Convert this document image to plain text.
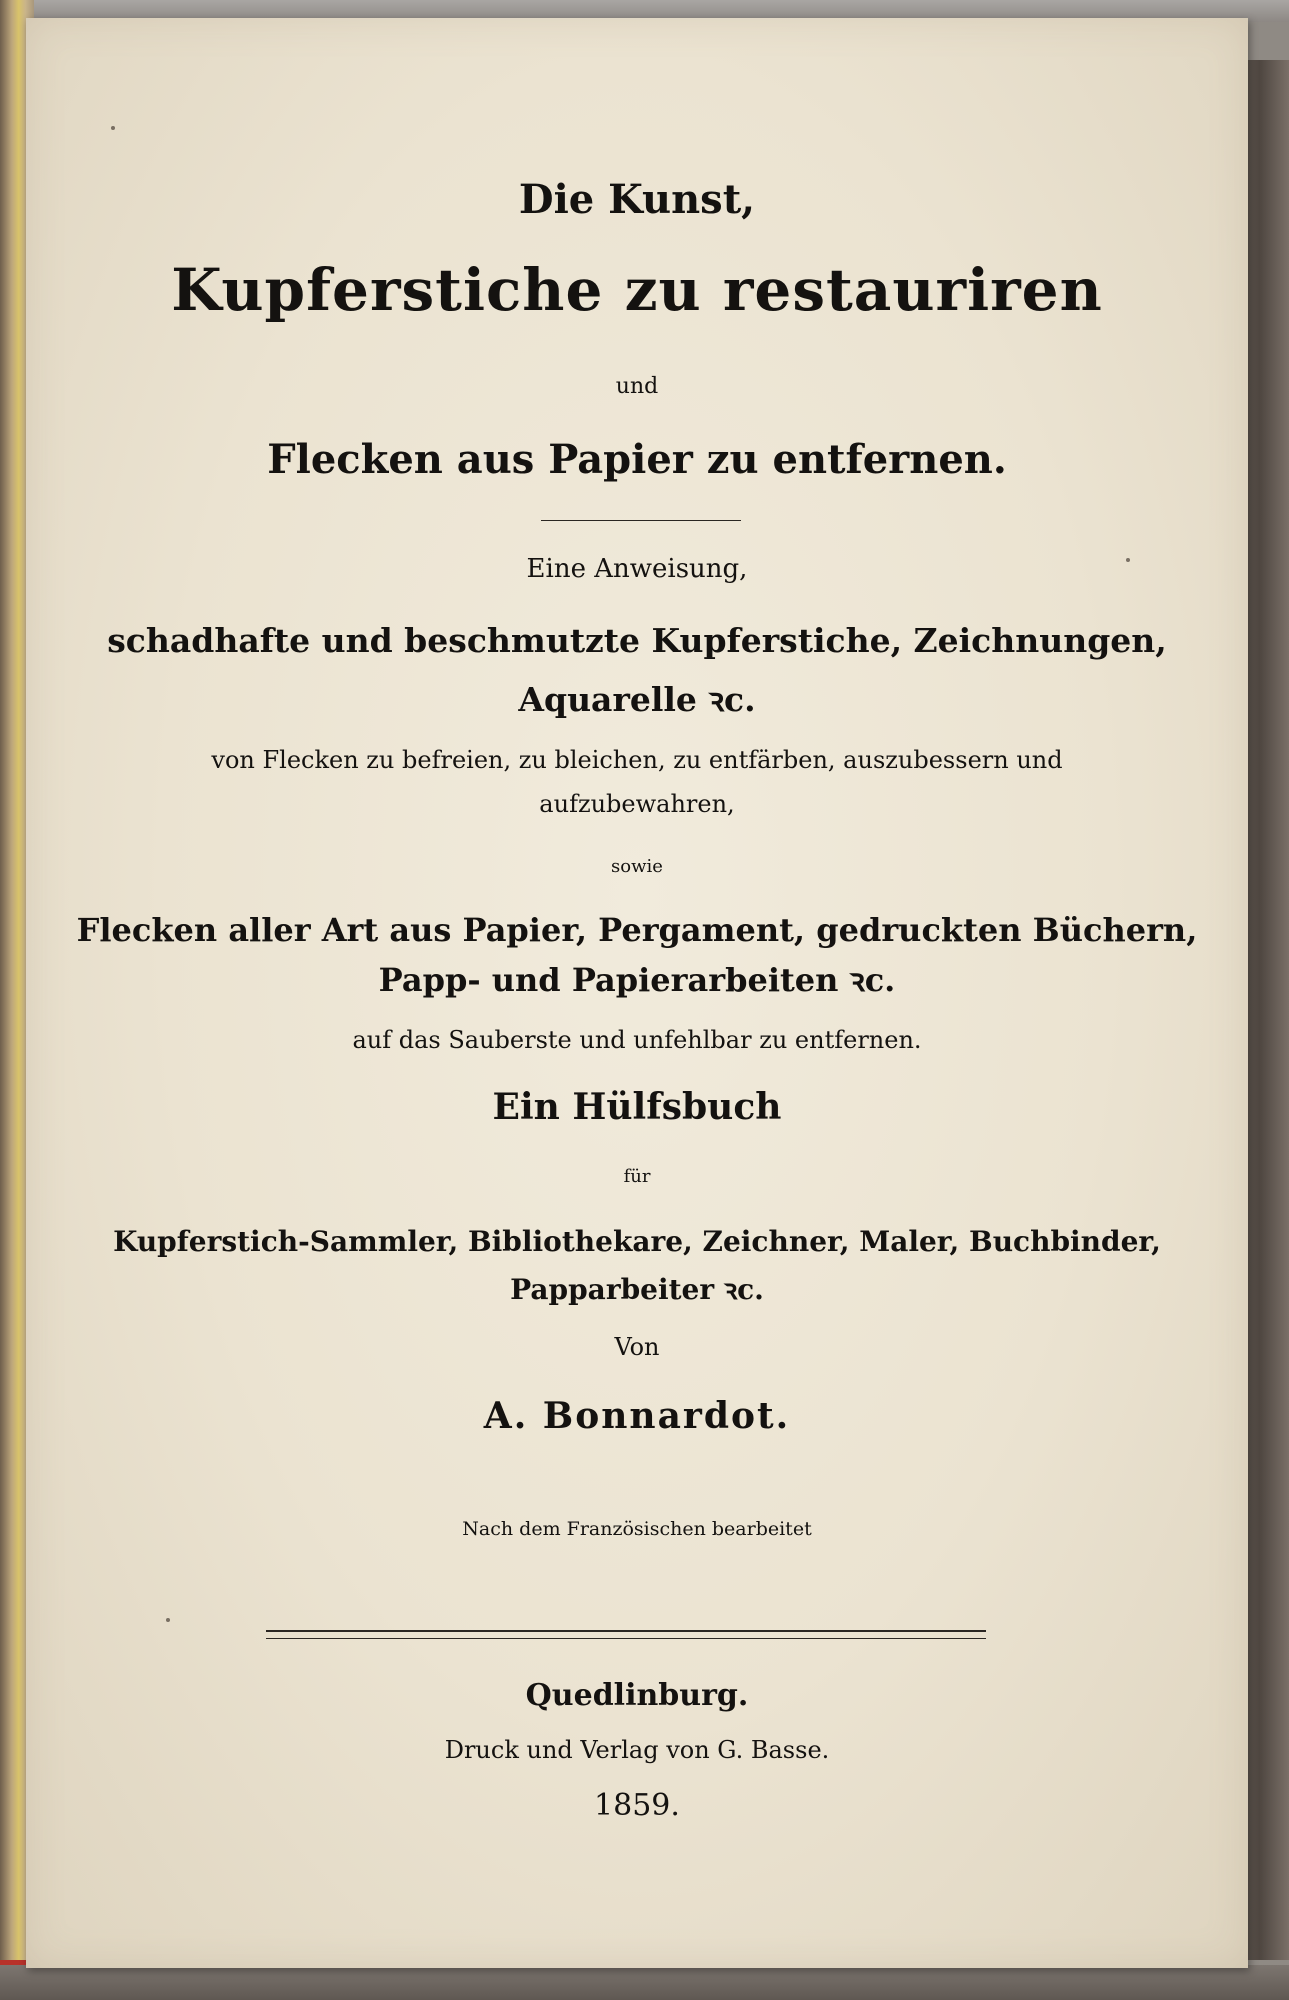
Die Kunst,
Kupferstiche zu restauriren
und
Flecken aus Papier zu entfernen.
Eine Anweisung,
schadhafte und beschmutzte Kupferstiche, Zeichnungen,
Aquarelle ꝛc.
von Flecken zu befreien, zu bleichen, zu entfärben, auszubessern und
aufzubewahren,
sowie
Flecken aller Art aus Papier, Pergament, gedruckten Büchern,
Papp- und Papierarbeiten ꝛc.
auf das Sauberste und unfehlbar zu entfernen.
Ein Hülfsbuch
für
Kupferstich-Sammler, Bibliothekare, Zeichner, Maler, Buchbinder,
Papparbeiter ꝛc.
Von
A. Bonnardot.
Nach dem Französischen bearbeitet
Quedlinburg.
Druck und Verlag von G. Basse.
1859.
